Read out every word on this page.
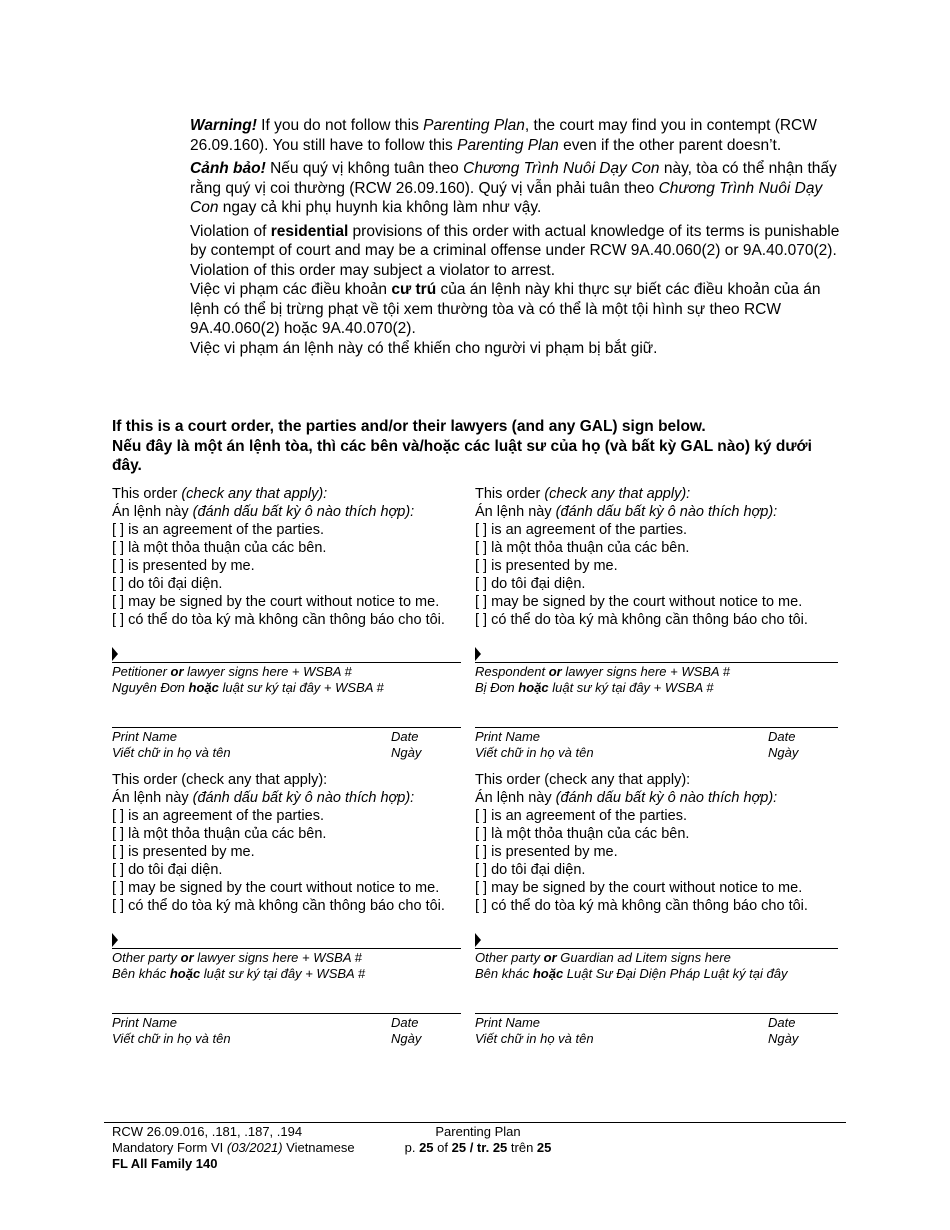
Warning! If you do not follow this Parenting Plan, the court may find you in contempt (RCW 26.09.160). You still have to follow this Parenting Plan even if the other parent doesn’t.

Cảnh bảo! Nếu quý vị không tuân theo Chương Trình Nuôi Dạy Con này, tòa có thể nhận thấy rằng quý vị coi thường (RCW 26.09.160). Quý vị vẫn phải tuân theo Chương Trình Nuôi Dạy Con ngay cả khi phụ huynh kia không làm như vậy.

Violation of residential provisions of this order with actual knowledge of its terms is punishable by contempt of court and may be a criminal offense under RCW 9A.40.060(2) or 9A.40.070(2).

Violation of this order may subject a violator to arrest.

Việc vi phạm các điều khoản cư trú của án lệnh này khi thực sự biết các điều khoản của án lệnh có thể bị trừng phạt về tội xem thường tòa và có thể là một tội hình sự theo RCW 9A.40.060(2) hoặc 9A.40.070(2).

Việc vi phạm án lệnh này có thể khiến cho người vi phạm bị bắt giữ.

If this is a court order, the parties and/or their lawyers (and any GAL) sign below.

Nếu đây là một án lệnh tòa, thì các bên và/hoặc các luật sư của họ (và bất kỳ GAL nào) ký dưới đây.

This order (check any that apply):
Án lệnh này (đánh dấu bất kỳ ô nào thích hợp):
[ ] is an agreement of the parties.
[ ] là một thỏa thuận của các bên.
[ ] is presented by me.
[ ] do tôi đại diện.
[ ] may be signed by the court without notice to me.
[ ] có thể do tòa ký mà không cần thông báo cho tôi.
This order (check any that apply):
Án lệnh này (đánh dấu bất kỳ ô nào thích hợp):
[ ] is an agreement of the parties.
[ ] là một thỏa thuận của các bên.
[ ] is presented by me.
[ ] do tôi đại diện.
[ ] may be signed by the court without notice to me.
[ ] có thể do tòa ký mà không cần thông báo cho tôi.
Petitioner or lawyer signs here + WSBA #
Nguyên Đơn hoặc luật sư ký tại đây + WSBA #
Respondent or lawyer signs here + WSBA #
Bị Đơn hoặc luật sư ký tại đây + WSBA #
Print Name
Viết chữ in họ và tên
Date
Ngày
Print Name
Viết chữ in họ và tên
Date
Ngày
This order (check any that apply):
Án lệnh này (đánh dấu bất kỳ ô nào thích hợp):
[ ] is an agreement of the parties.
[ ] là một thỏa thuận của các bên.
[ ] is presented by me.
[ ] do tôi đại diện.
[ ] may be signed by the court without notice to me.
[ ] có thể do tòa ký mà không cần thông báo cho tôi.
This order (check any that apply):
Án lệnh này (đánh dấu bất kỳ ô nào thích hợp):
[ ] is an agreement of the parties.
[ ] là một thỏa thuận của các bên.
[ ] is presented by me.
[ ] do tôi đại diện.
[ ] may be signed by the court without notice to me.
[ ] có thể do tòa ký mà không cần thông báo cho tôi.
Other party or lawyer signs here + WSBA #
Bên khác hoặc luật sư ký tại đây + WSBA #
Other party or Guardian ad Litem signs here
Bên khác hoặc Luật Sư Đại Diện Pháp Luật ký tại đây
Print Name
Viết chữ in họ và tên
Date
Ngày
Print Name
Viết chữ in họ và tên
Date
Ngày
RCW 26.09.016, .181, .187, .194
Mandatory Form VI (03/2021) Vietnamese
FL All Family 140
Parenting Plan
p. 25 of 25 / tr. 25 trên 25
